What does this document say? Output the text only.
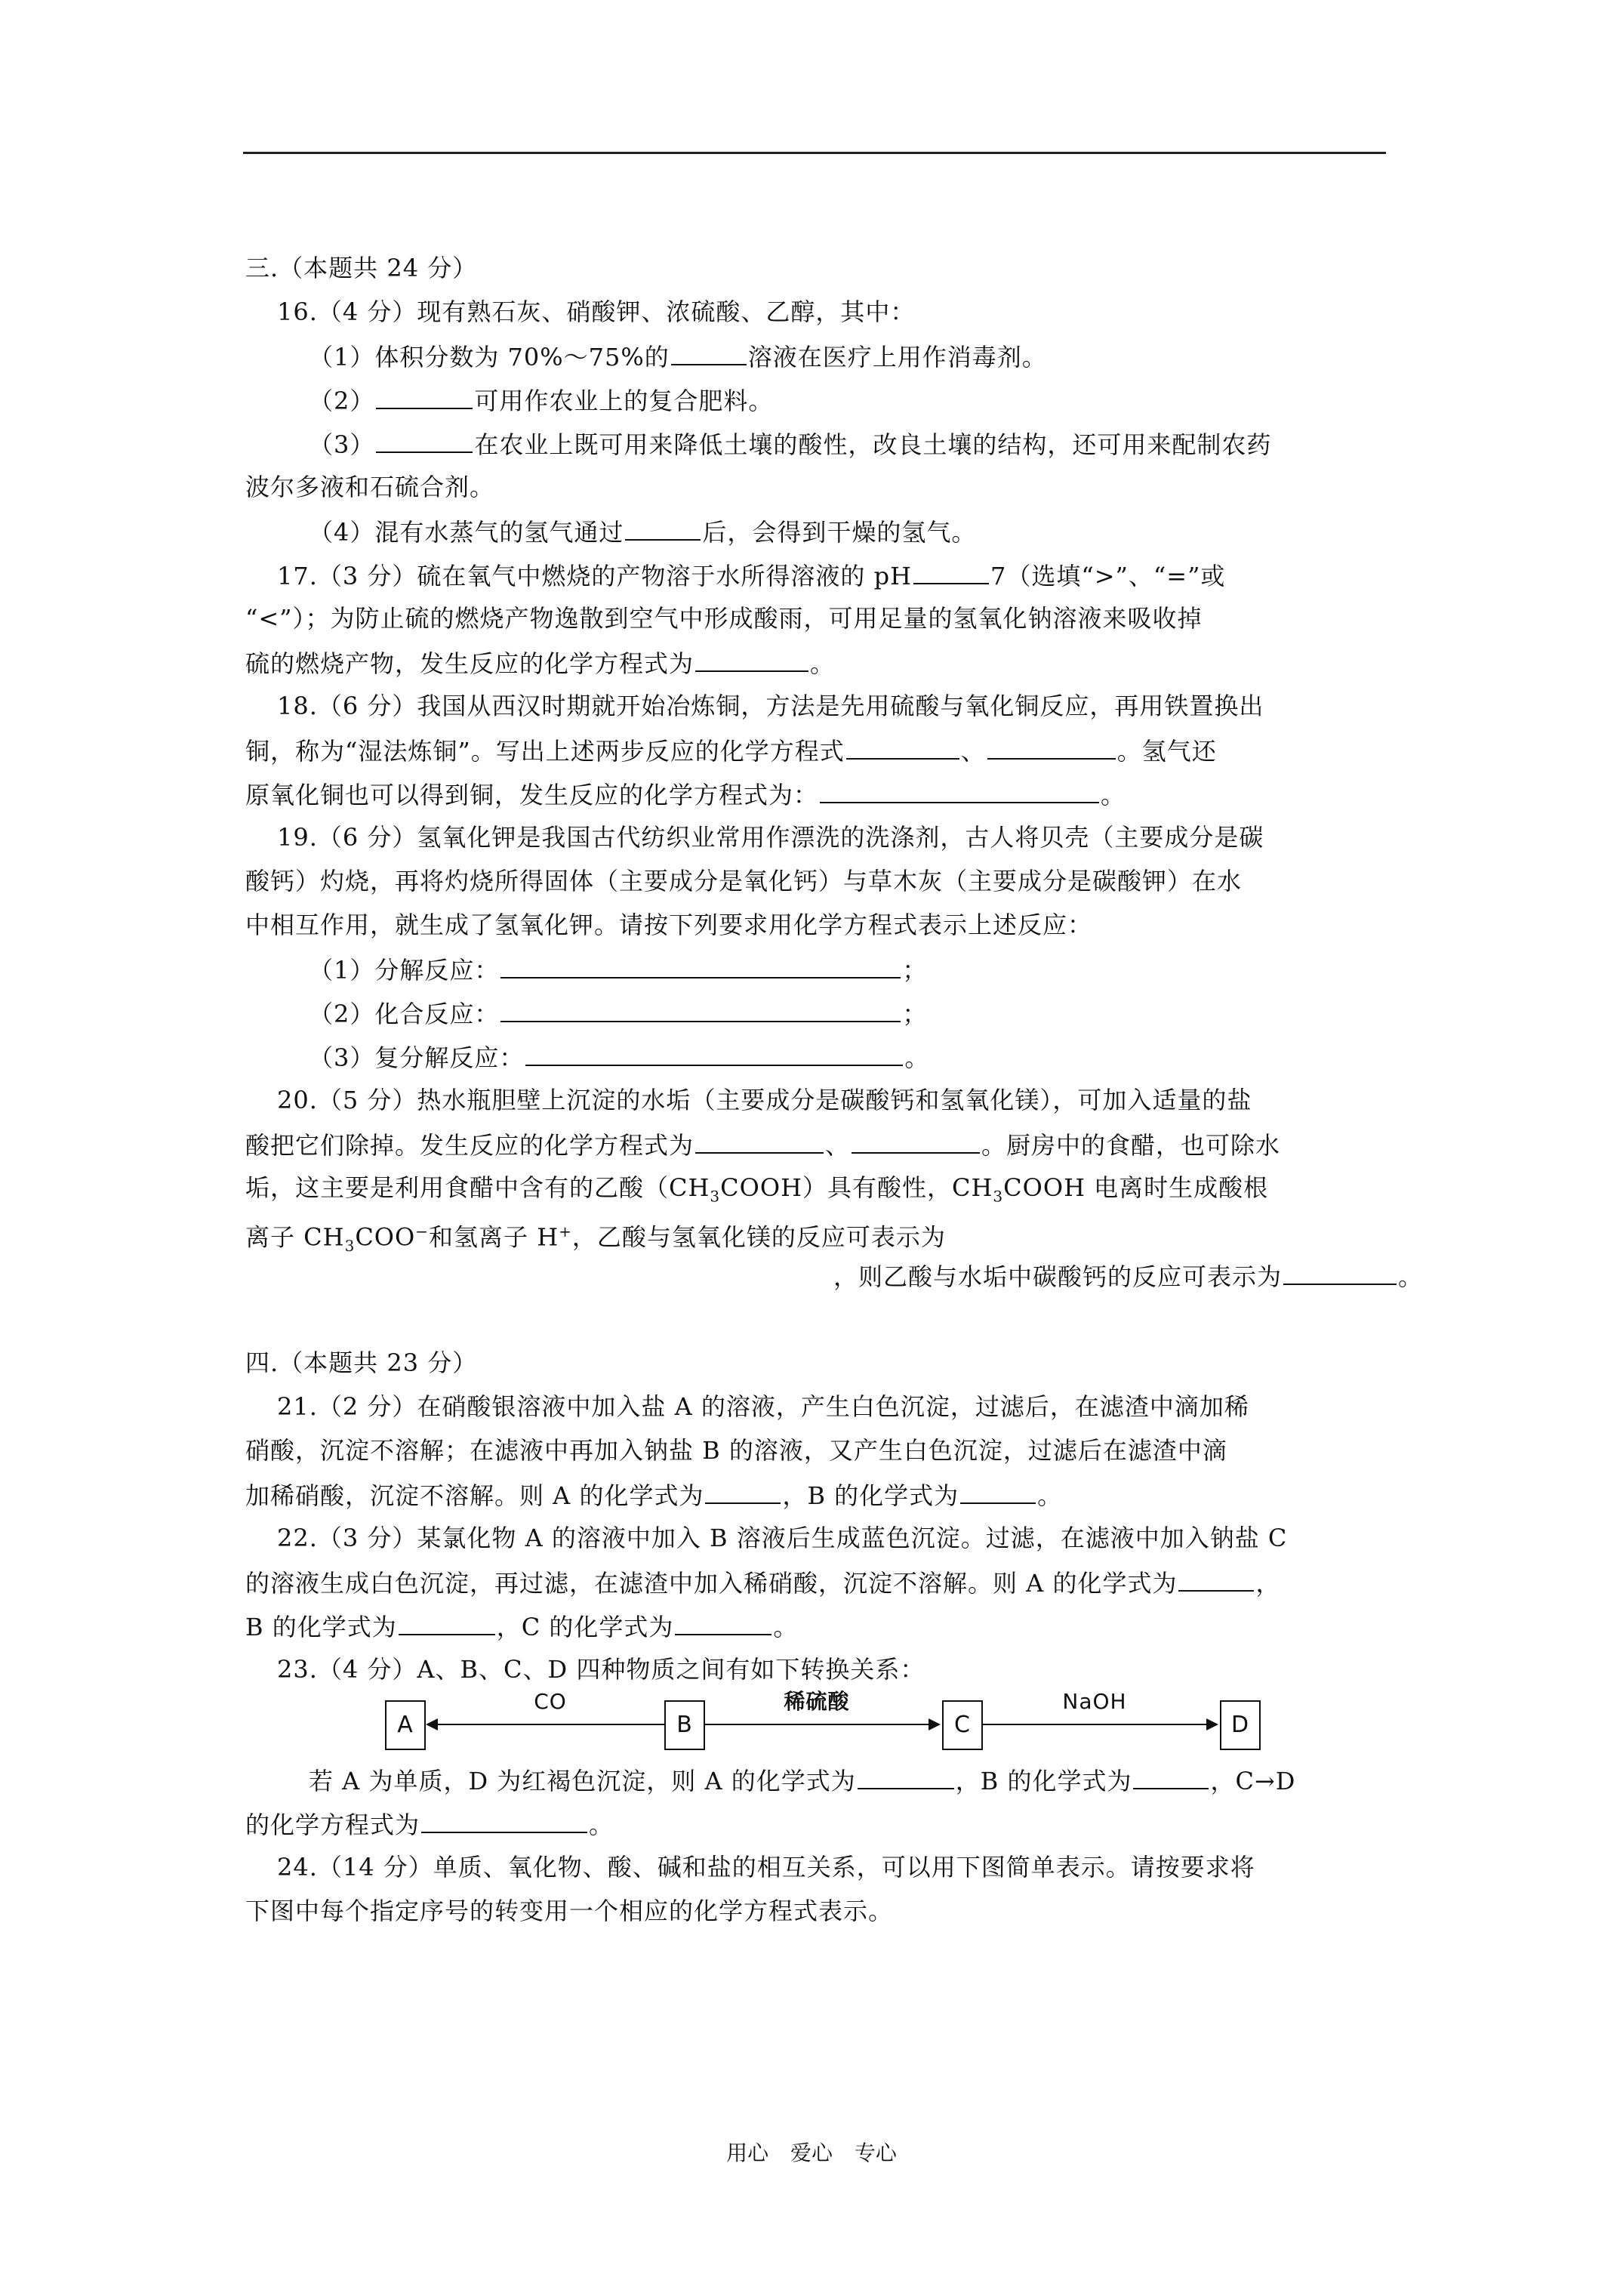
三.（本题共 24 分）
16.（4 分）现有熟石灰、硝酸钾、浓硫酸、乙醇，其中：
（1）体积分数为 70%～75%的	溶液在医疗上用作消毒剂。
（2）	可用作农业上的复合肥料。
（3）	在农业上既可用来降低土壤的酸性，改良土壤的结构，还可用来配制农药
波尔多液和石硫合剂。
（4）混有水蒸气的氢气通过	后，会得到干燥的氢气。
17.（3 分）硫在氧气中燃烧的产物溶于水所得溶液的 pH	7（选填“>”、“=”或
“<”）；为防止硫的燃烧产物逸散到空气中形成酸雨，可用足量的氢氧化钠溶液来吸收掉
硫的燃烧产物，发生反应的化学方程式为	。
18.（6 分）我国从西汉时期就开始冶炼铜，方法是先用硫酸与氧化铜反应，再用铁置换出
铜，称为“湿法炼铜”。写出上述两步反应的化学方程式	、	。氢气还
原氧化铜也可以得到铜，发生反应的化学方程式为：	。
19.（6 分）氢氧化钾是我国古代纺织业常用作漂洗的洗涤剂，古人将贝壳（主要成分是碳
酸钙）灼烧，再将灼烧所得固体（主要成分是氧化钙）与草木灰（主要成分是碳酸钾）在水
中相互作用，就生成了氢氧化钾。请按下列要求用化学方程式表示上述反应：
（1）分解反应：	；
（2）化合反应：	；
（3）复分解反应：	。
20.（5 分）热水瓶胆壁上沉淀的水垢（主要成分是碳酸钙和氢氧化镁），可加入适量的盐
酸把它们除掉。发生反应的化学方程式为	、	。厨房中的食醋，也可除水
垢，这主要是利用食醋中含有的乙酸$(CH_3COOH)$具有酸性，$CH_3COOH$ 电离时生成酸根
离子 $CH_3COO^-$和氢离子 H+，乙酸与氢氧化镁的反应可表示为
，则乙酸与水垢中碳酸钙的反应可表示为	。
四.（本题共 23 分）
21.（2 分）在硝酸银溶液中加入盐 A 的溶液，产生白色沉淀，过滤后，在滤渣中滴加稀
硝酸，沉淀不溶解；在滤液中再加入钠盐 B 的溶液，又产生白色沉淀，过滤后在滤渣中滴
加稀硝酸，沉淀不溶解。则 A 的化学式为	，B 的化学式为	。
22.（3 分）某氯化物 A 的溶液中加入 B 溶液后生成蓝色沉淀。过滤，在滤液中加入钠盐 C
的溶液生成白色沉淀，再过滤，在滤渣中加入稀硝酸，沉淀不溶解。则 A 的化学式为	，
B 的化学式为	，C 的化学式为	。
23.（4 分）A、B、C、D 四种物质之间有如下转换关系：
A
CO
B
稀硫酸
C
NaOH
D
若 A 为单质，D 为红褐色沉淀，则 A 的化学式为	，B 的化学式为	，C→D
的化学方程式为	。
24.（14 分）单质、氧化物、酸、碱和盐的相互关系，可以用下图简单表示。请按要求将
下图中每个指定序号的转变用一个相应的化学方程式表示。
用心 爱心 专心
